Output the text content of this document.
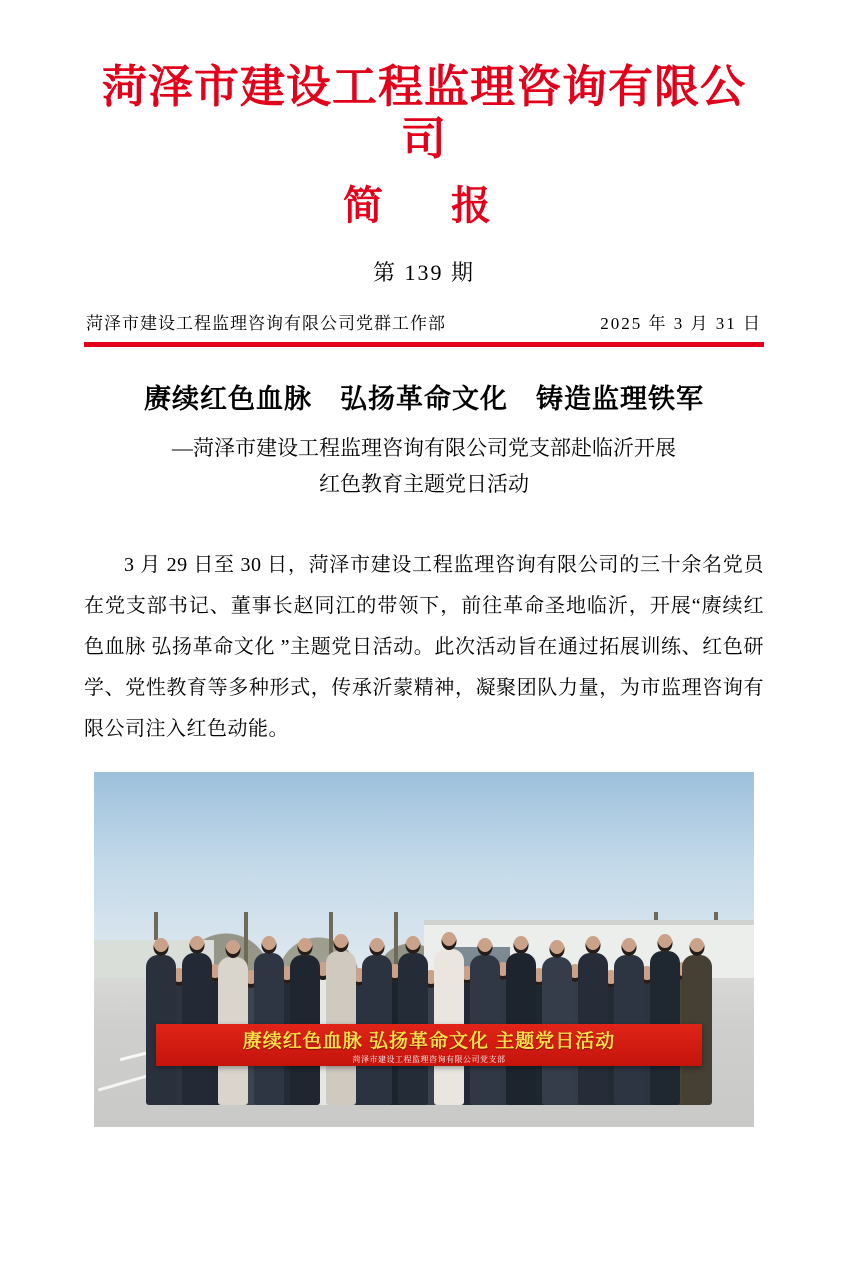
菏泽市建设工程监理咨询有限公司
简　报
第 139 期
菏泽市建设工程监理咨询有限公司党群工作部	2025 年 3 月 31 日
赓续红色血脉　弘扬革命文化　铸造监理铁军
—菏泽市建设工程监理咨询有限公司党支部赴临沂开展
红色教育主题党日活动
3 月 29 日至 30 日，菏泽市建设工程监理咨询有限公司的三十余名党员在党支部书记、董事长赵同江的带领下，前往革命圣地临沂，开展“赓续红色血脉 弘扬革命文化 ”主题党日活动。此次活动旨在通过拓展训练、红色研学、党性教育等多种形式，传承沂蒙精神，凝聚团队力量，为市监理咨询有限公司注入红色动能。
赓续红色血脉 弘扬革命文化 主题党日活动
菏泽市建设工程监理咨询有限公司党支部
